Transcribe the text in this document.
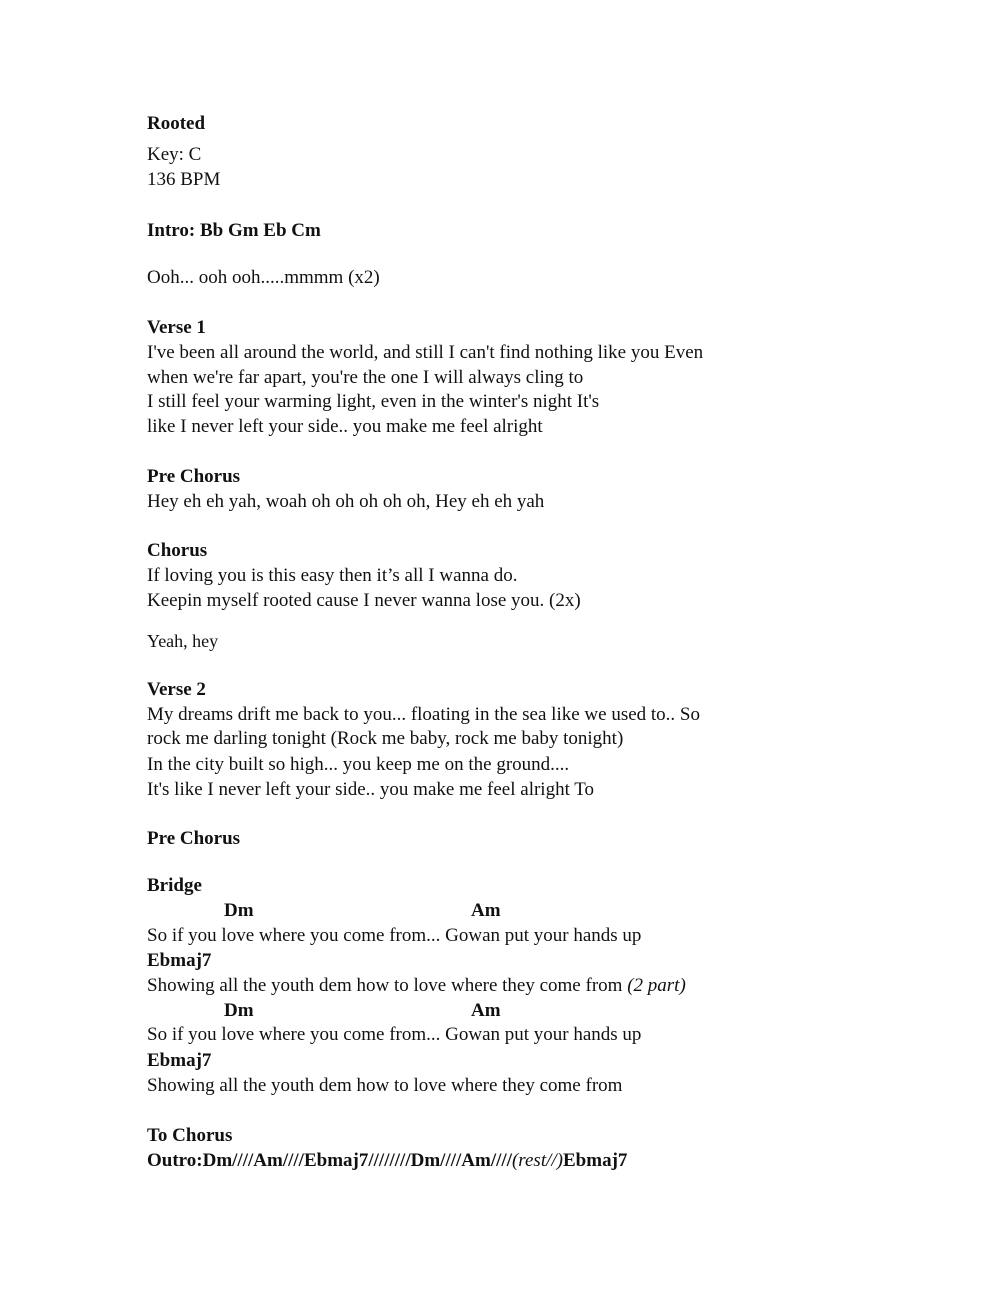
Rooted
Key: C
136 BPM
Intro: Bb Gm Eb Cm
Ooh... ooh ooh.....mmmm (x2)
Verse 1
I've been all around the world, and still I can't find nothing like you Even
when we're far apart, you're the one I will always cling to
I still feel your warming light, even in the winter's night It's
like I never left your side.. you make me feel alright
Pre Chorus
Hey eh eh yah, woah oh oh oh oh oh, Hey eh eh yah
Chorus
If loving you is this easy then it’s all I wanna do.
Keepin myself rooted cause I never wanna lose you. (2x)
Yeah, hey
Verse 2
My dreams drift me back to you... floating in the sea like we used to.. So
rock me darling tonight (Rock me baby, rock me baby tonight)
In the city built so high... you keep me on the ground....
It's like I never left your side.. you make me feel alright To
Pre Chorus
Bridge
Dm	Am
So if you love where you come from... Gowan put your hands up
Ebmaj7
Showing all the youth dem how to love where they come from (2 part)
Dm	Am
So if you love where you come from... Gowan put your hands up
Ebmaj7
Showing all the youth dem how to love where they come from
To Chorus
Outro:Dm////Am////Ebmaj7////////Dm////Am////(rest//)Ebmaj7
